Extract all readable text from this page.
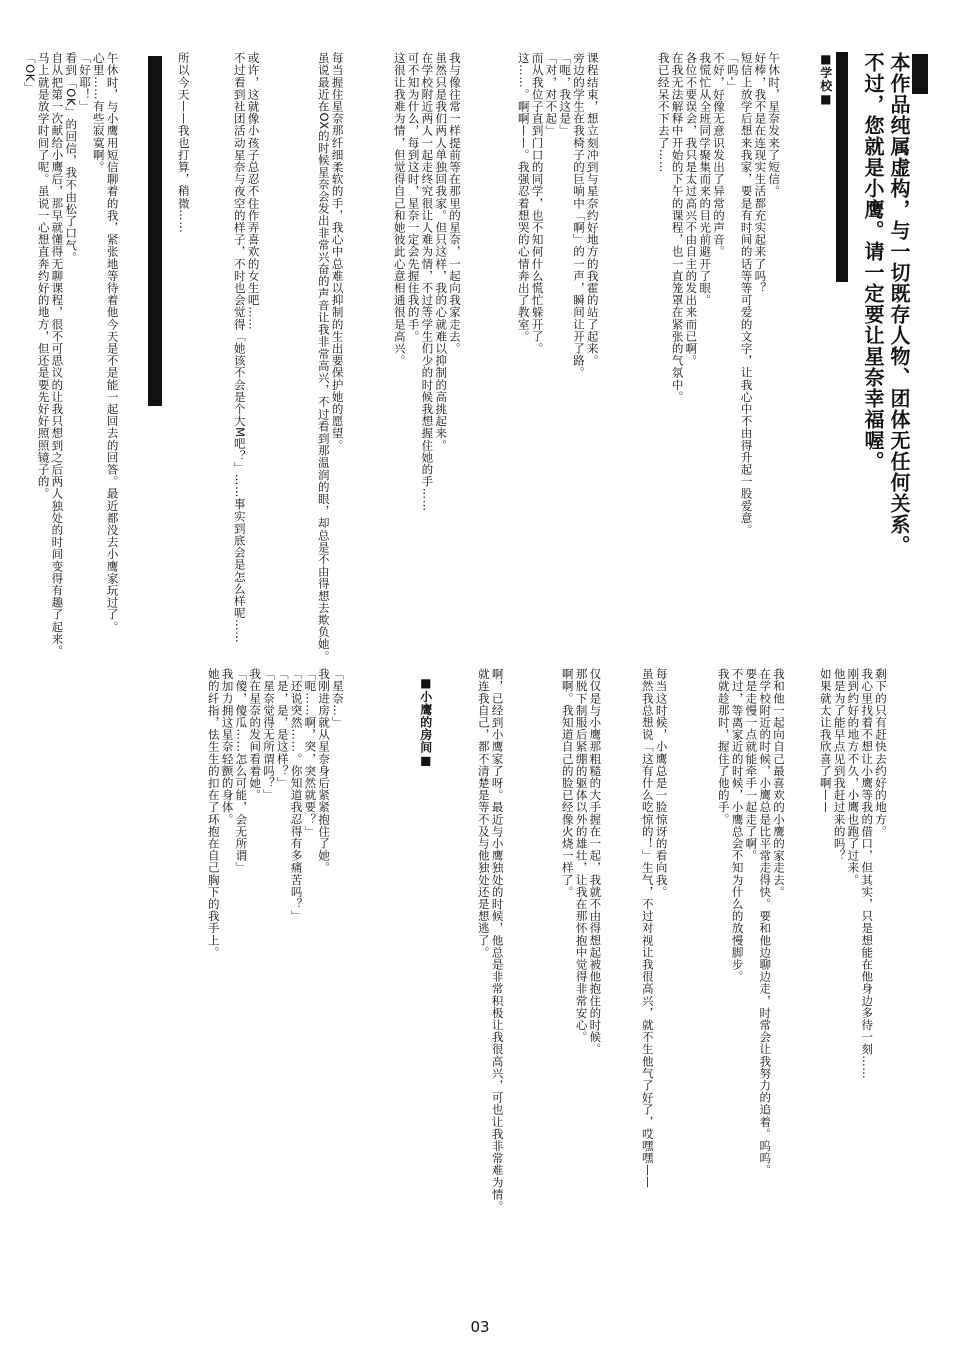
本作品纯属虚构，与一切既存人物、团体无任何关系。
不过，您就是小鹰。请一定要让星奈幸福喔。
■学校■
午休时，星奈发来了短信。
好棒，我不是在连现实生活都充实起来了吗？
短信上放学后想来我家，要是有时间的话等等可爱的文字，让我心中不由得升起一股爱意。
「呜-」
不好，好像无意识发出了异常的声音。
我慌忙从全班同学聚集而来的目光前避开了眼。
各位不要误会，我只是太过高兴不由自主的发出来而已啊。
在我无法解释中开始的下午的课程，也一直笼罩在紧张的气氛中。
我已经呆不下去了……
课程结束，想立刻冲到与星奈约好地方的我霍的站了起来。
旁边的学生在我椅子的巨响中「啊」的一声，瞬间让开了路。
「呃，我这是」
「对，对不起」
而从我位子直到门口的同学，也不知何什么慌忙躲开了。
这……。啊啊——。我强忍着想哭的心情奔出了教室。
我与像往常一样提前等在那里的星奈，一起向我家走去。
虽然只是我们两人单独回我家。但只这样，我的心就难以抑制的高挑起来。
在学校附近两人一起走终究很让人难为情，不过等学生们少的时候我想握住她的手……
可不知为什么，每到这时，星奈一定会先握住我的手。
这很让我难为情，但觉得自己和她彼此心意相通很是高兴。
每当握住星奈那纤细柔软的手，我心中总难以抑制的生出要保护她的愿望。
虽说最近在OX的时候星奈会发出非常兴奋的声音让我非常高兴，不过看到那温润的眼，却总是不由得想去欺负她。
或许，这就像小孩子总忍不住作弄喜欢的女生吧……
不过看到社团活动星奈与夜空的样子，不时也会觉得「她该不会是个大M吧？」……事实到底会是怎么样呢……
所以今天——我也打算，稍微……
午休时，与小鹰用短信聊着的我，紧张地等待着他今天是不是能一起回去的回答。最近都没去小鹰家玩过了。
心里……有些寂寞啊。
「好耶！」
看到「OK」的回信，我不由松了口气。
自从把第一次献给小鹰后，那早就懂得无聊课程，很不可思议的让我只想到之后两人独处的时间变得有趣了起来。
马上就是放学时间了呢。虽说一心想直奔约好的地方，但还是要先好好照照镜子的。
「OK」
剩下的只有赶快去约好的地方。
我心里找着不想让小鹰等我的借口，但其实，只是想能在他身边多待一刻……
刚到约好的地方不久，小鹰也跑了过来。
他是为了能早点见到我赶过来的吗？
如果就太让我欣喜了啊——
我和他一起向自己最喜欢的小鹰的家走去。
在学校附近的时候，小鹰总是比平常走得快。要和他边聊边走，时常会让我努力的追着。呜呜。
要是走慢一点就能牵手一起走了啊。
不过，等离家近的时候，小鹰总会不知为什么的放慢脚步。
我就趁那时，握住了他的手。
每当这时候，小鹰总是一脸惊讶的看向我。
虽然我总想说「这有什么吃惊的！」生气，不过对视让我很高兴，就不生他气了好了，哎嘿嘿——
仅仅是与小鹰那粗糙的大手握在一起，我就不由得想起被他抱住的时候。
那脱下制服后紧绷的躯体以外的雄壮，让我在那怀抱中觉得非常安心。
啊啊。我知道自己的脸已经像火烧一样了。
啊，已经到小鹰家了呀。最近与小鹰独处的时候，他总是非常积极让我很高兴，可也让我非常难为情。
就连我自己，都不清楚是等不及与他独处还是想逃了。
■小鹰的房间■
「星奈…」
我刚进房就从星奈身后紧紧抱住了她。
「呃……啊，突，突然就要？」
「还说突然……。你知道我忍得有多痛苦吗？」
「是，是，是这样？」
「星奈觉得无所谓吗？」
我在星奈的发间看着她。
「傻，傻瓜……怎么可能，会无所谓」
我加力拥这星奈轻颤的身体。
她的纤指，怯生生的扣在了环抱在自己胸下的我手上。
03
